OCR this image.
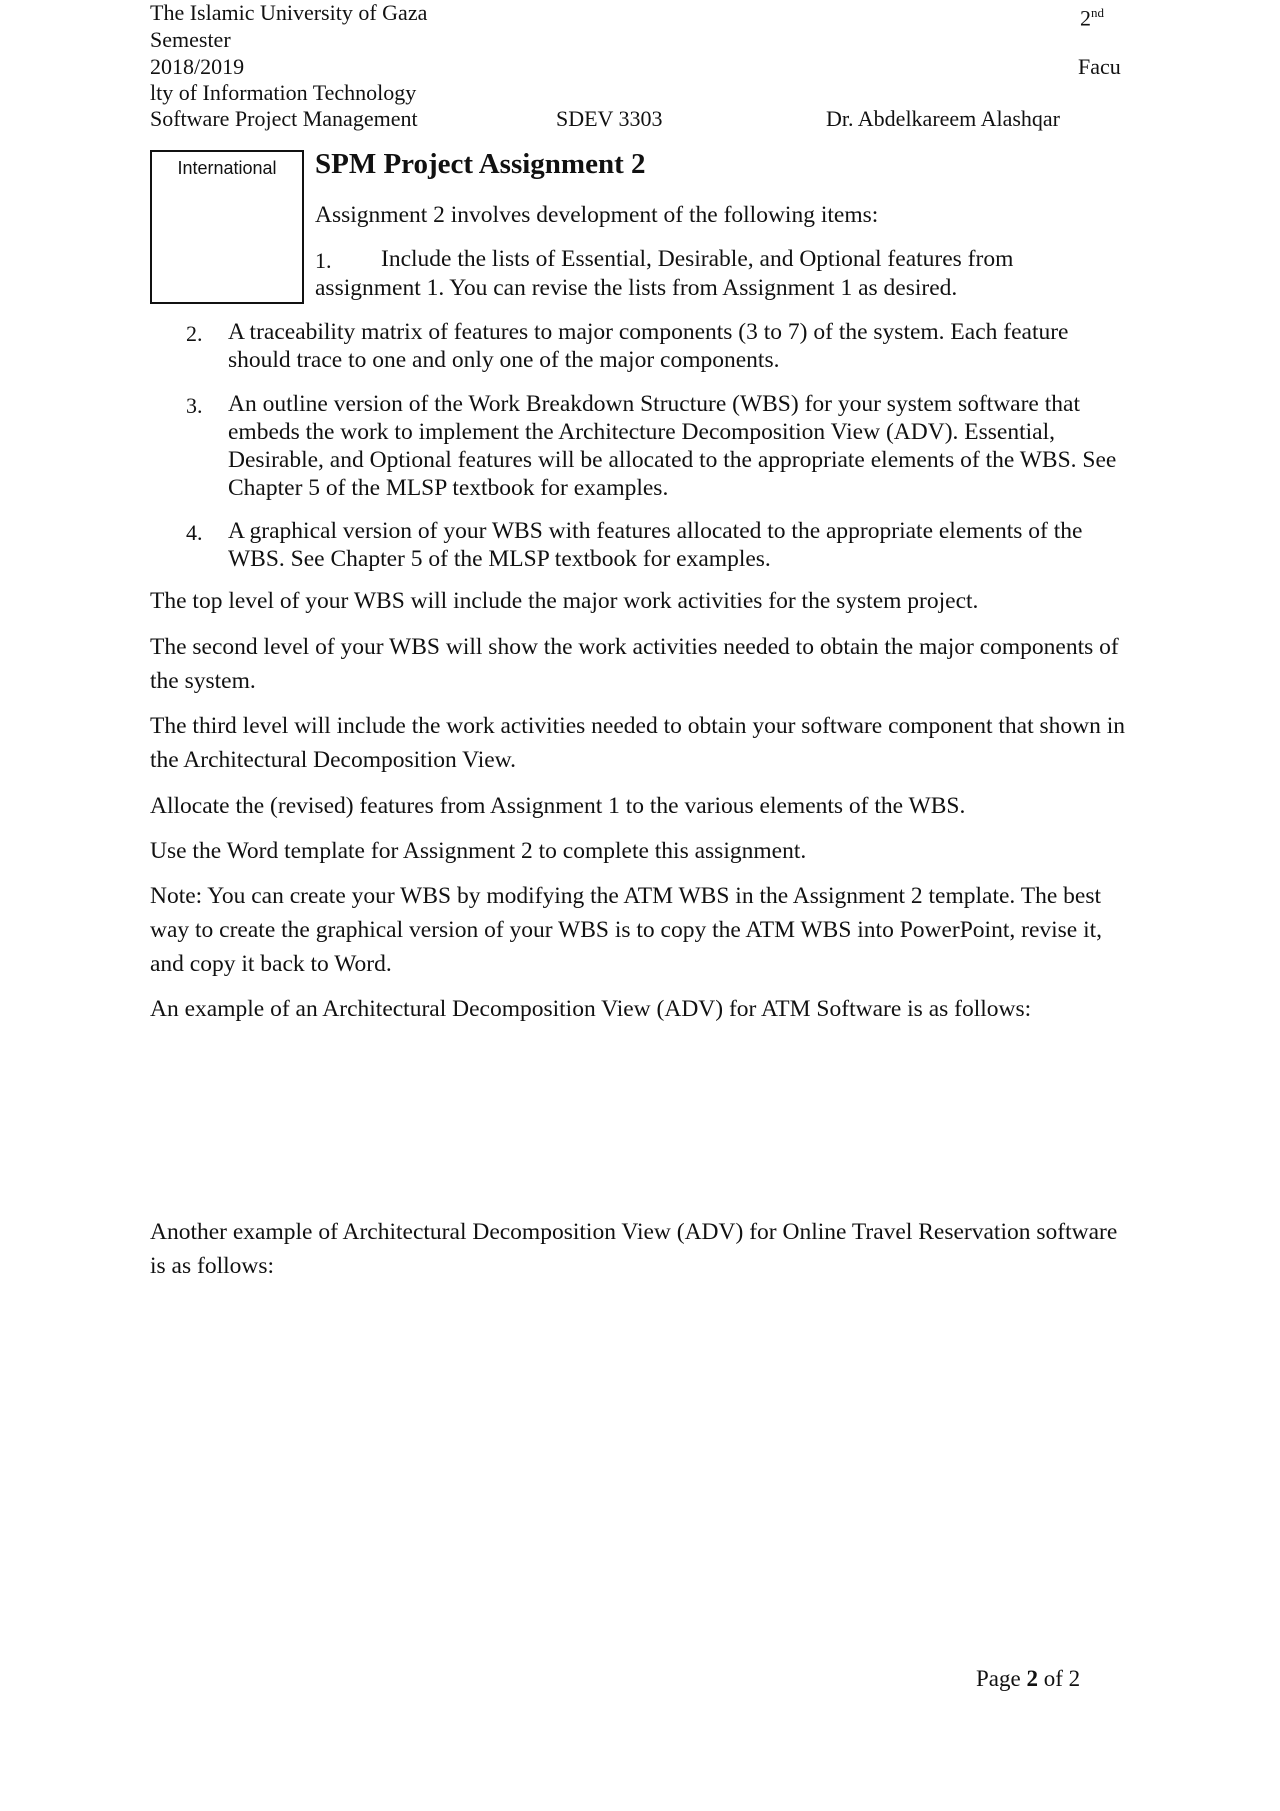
The Islamic University of Gaza	2nd
Semester
2018/2019	Facu
lty of Information Technology
Software Project Management	SDEV 3303	Dr. Abdelkareem Alashqar
International	SPM Project Assignment 2
Assignment 2 involves development of the following items:
1. Include the lists of Essential, Desirable, and Optional features from
assignment 1. You can revise the lists from Assignment 1 as desired.
2. A traceability matrix of features to major components (3 to 7) of the system. Each feature should trace to one and only one of the major components.
3. An outline version of the Work Breakdown Structure (WBS) for your system software that embeds the work to implement the Architecture Decomposition View (ADV). Essential, Desirable, and Optional features will be allocated to the appropriate elements of the WBS. See Chapter 5 of the MLSP textbook for examples.
4. A graphical version of your WBS with features allocated to the appropriate elements of the WBS. See Chapter 5 of the MLSP textbook for examples.
The top level of your WBS will include the major work activities for the system project.
The second level of your WBS will show the work activities needed to obtain the major components of the system.
The third level will include the work activities needed to obtain your software component that shown in the Architectural Decomposition View.
Allocate the (revised) features from Assignment 1 to the various elements of the WBS.
Use the Word template for Assignment 2 to complete this assignment.
Note: You can create your WBS by modifying the ATM WBS in the Assignment 2 template. The best way to create the graphical version of your WBS is to copy the ATM WBS into PowerPoint, revise it, and copy it back to Word.
An example of an Architectural Decomposition View (ADV) for ATM Software is as follows:
Another example of Architectural Decomposition View (ADV) for Online Travel Reservation software is as follows:
Page 2 of 2
